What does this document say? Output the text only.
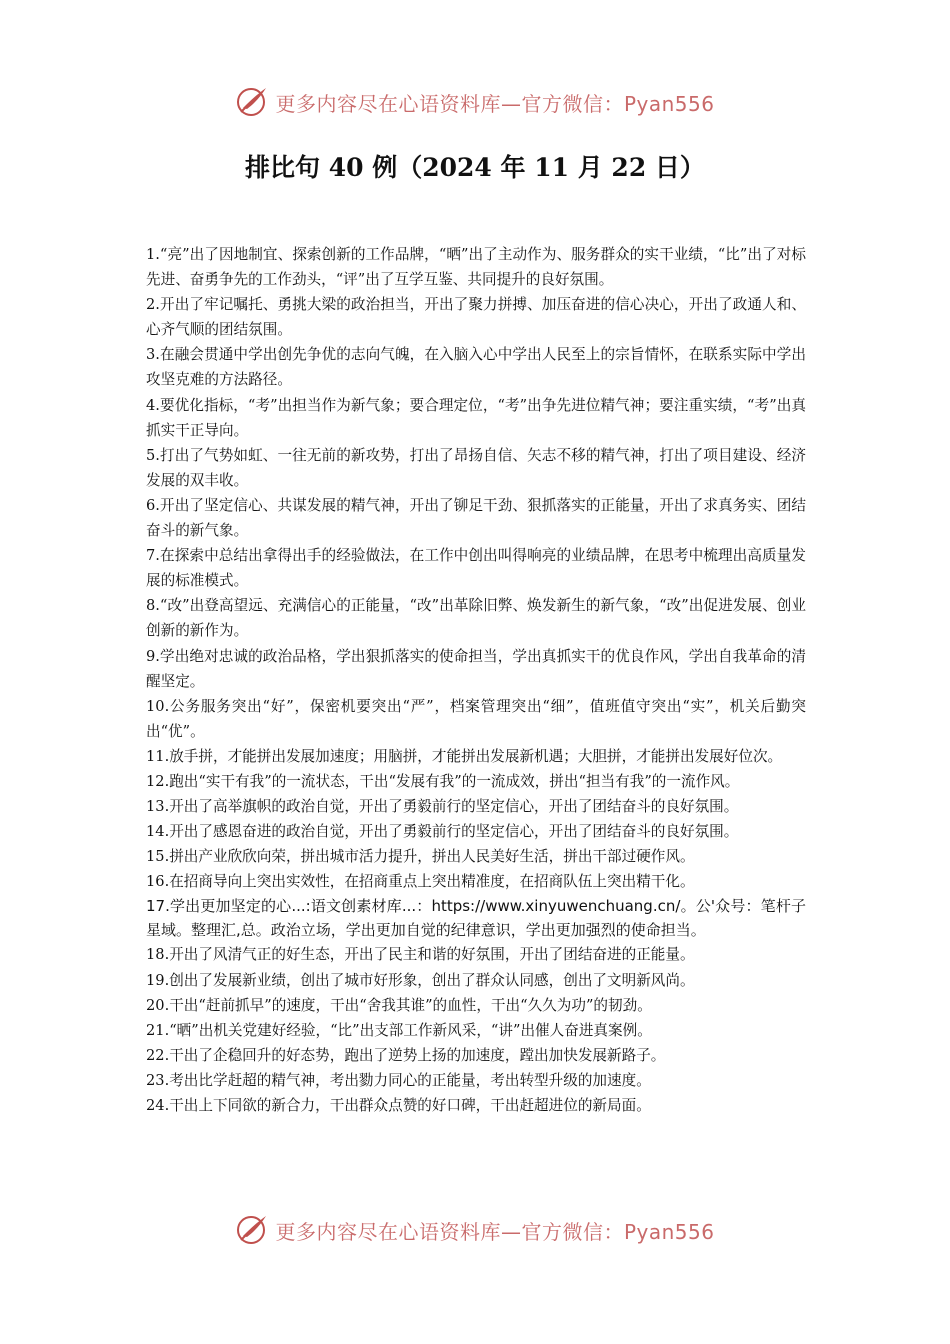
更多内容尽在心语资料库—官方微信：Pyan556
排比句 40 例（2024 年 11 月 22 日）

1.“亮”出了因地制宜、探索创新的工作品牌，“晒”出了主动作为、服务群众的实干业绩，“比”出了对标先进、奋勇争先的工作劲头，“评”出了互学互鉴、共同提升的良好氛围。

2.开出了牢记嘱托、勇挑大梁的政治担当，开出了聚力拼搏、加压奋进的信心决心，开出了政通人和、心齐气顺的团结氛围。

3.在融会贯通中学出创先争优的志向气魄，在入脑入心中学出人民至上的宗旨情怀，在联系实际中学出攻坚克难的方法路径。

4.要优化指标，“考”出担当作为新气象；要合理定位，“考”出争先进位精气神；要注重实绩，“考”出真抓实干正导向。

5.打出了气势如虹、一往无前的新攻势，打出了昂扬自信、矢志不移的精气神，打出了项目建设、经济发展的双丰收。

6.开出了坚定信心、共谋发展的精气神，开出了铆足干劲、狠抓落实的正能量，开出了求真务实、团结奋斗的新气象。

7.在探索中总结出拿得出手的经验做法，在工作中创出叫得响亮的业绩品牌，在思考中梳理出高质量发展的标准模式。

8.“改”出登高望远、充满信心的正能量，“改”出革除旧弊、焕发新生的新气象，“改”出促进发展、创业创新的新作为。

9.学出绝对忠诚的政治品格，学出狠抓落实的使命担当，学出真抓实干的优良作风，学出自我革命的清醒坚定。

10.公务服务突出“好”，保密机要突出“严”，档案管理突出“细”，值班值守突出“实”，机关后勤突出“优”。

11.放手拼，才能拼出发展加速度；用脑拼，才能拼出发展新机遇；大胆拼，才能拼出发展好位次。

12.跑出“实干有我”的一流状态，干出“发展有我”的一流成效，拼出“担当有我”的一流作风。

13.开出了高举旗帜的政治自觉，开出了勇毅前行的坚定信心，开出了团结奋斗的良好氛围。

14.开出了感恩奋进的政治自觉，开出了勇毅前行的坚定信心，开出了团结奋斗的良好氛围。

15.拼出产业欣欣向荣，拼出城市活力提升，拼出人民美好生活，拼出干部过硬作风。

16.在招商导向上突出实效性，在招商重点上突出精准度，在招商队伍上突出精干化。

17.学出更加坚定的心...:语文创素材库...：https://www.xinyuwenchuang.cn/。公'众号：笔杆子星域。整理汇,总。政治立场，学出更加自觉的纪律意识，学出更加强烈的使命担当。

18.开出了风清气正的好生态，开出了民主和谐的好氛围，开出了团结奋进的正能量。

19.创出了发展新业绩，创出了城市好形象，创出了群众认同感，创出了文明新风尚。

20.干出“赶前抓早”的速度，干出“舍我其谁”的血性，干出“久久为功”的韧劲。

21.“晒”出机关党建好经验，“比”出支部工作新风采，“讲”出催人奋进真案例。

22.干出了企稳回升的好态势，跑出了逆势上扬的加速度，蹚出加快发展新路子。

23.考出比学赶超的精气神，考出勠力同心的正能量，考出转型升级的加速度。

24.干出上下同欲的新合力，干出群众点赞的好口碑，干出赶超进位的新局面。

更多内容尽在心语资料库—官方微信：Pyan556
